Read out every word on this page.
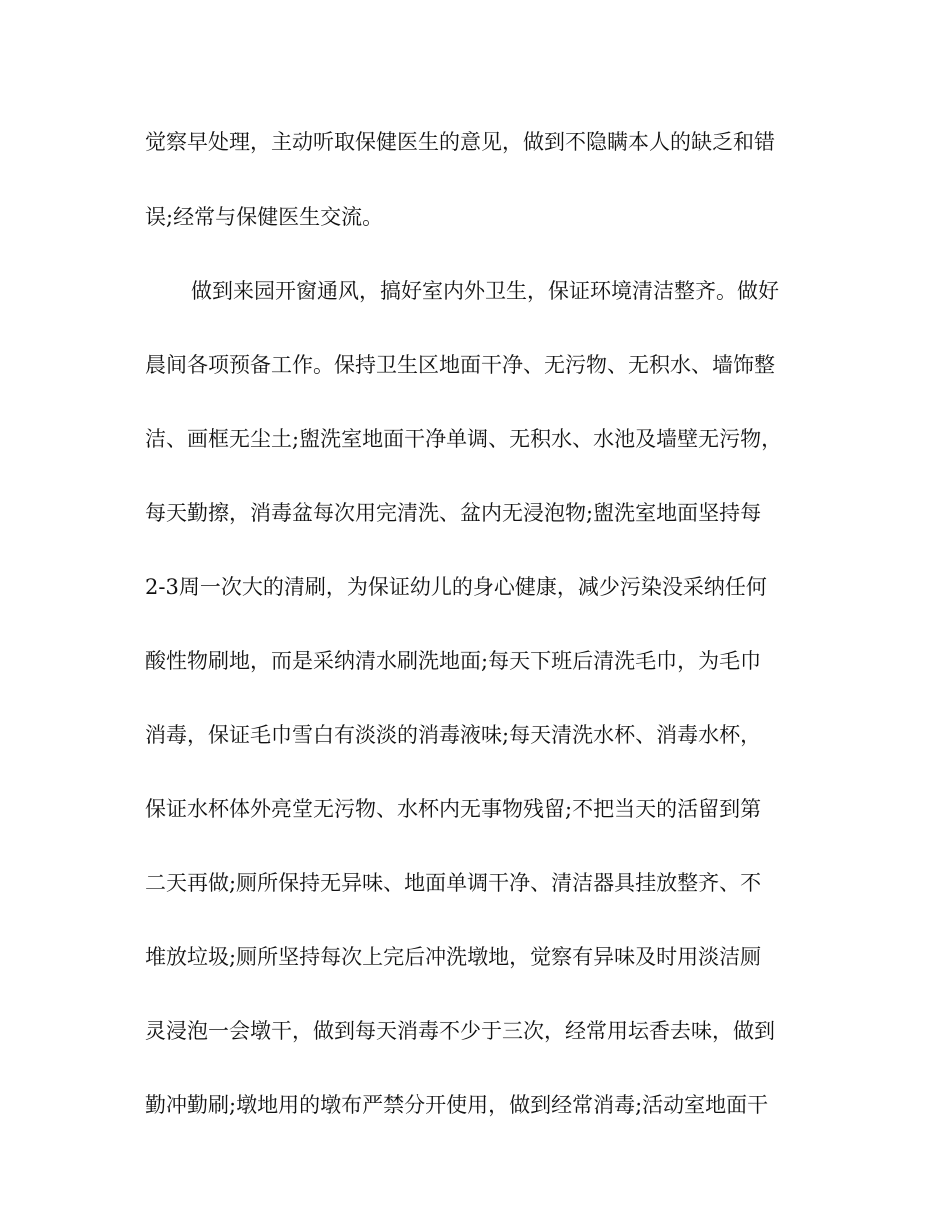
觉察早处理，主动听取保健医生的意见，做到不隐瞒本人的缺乏和错

误;经常与保健医生交流。

做到来园开窗通风，搞好室内外卫生，保证环境清洁整齐。做好

晨间各项预备工作。保持卫生区地面干净、无污物、无积水、墙饰整

洁、画框无尘土;盥洗室地面干净单调、无积水、水池及墙壁无污物，

每天勤擦，消毒盆每次用完清洗、盆内无浸泡物;盥洗室地面坚持每

2-3周一次大的清刷，为保证幼儿的身心健康，减少污染没采纳任何

酸性物刷地，而是采纳清水刷洗地面;每天下班后清洗毛巾，为毛巾

消毒，保证毛巾雪白有淡淡的消毒液味;每天清洗水杯、消毒水杯，

保证水杯体外亮堂无污物、水杯内无事物残留;不把当天的活留到第

二天再做;厕所保持无异味、地面单调干净、清洁器具挂放整齐、不

堆放垃圾;厕所坚持每次上完后冲洗墩地，觉察有异味及时用淡洁厕

灵浸泡一会墩干，做到每天消毒不少于三次，经常用坛香去味，做到

勤冲勤刷;墩地用的墩布严禁分开使用，做到经常消毒;活动室地面干
